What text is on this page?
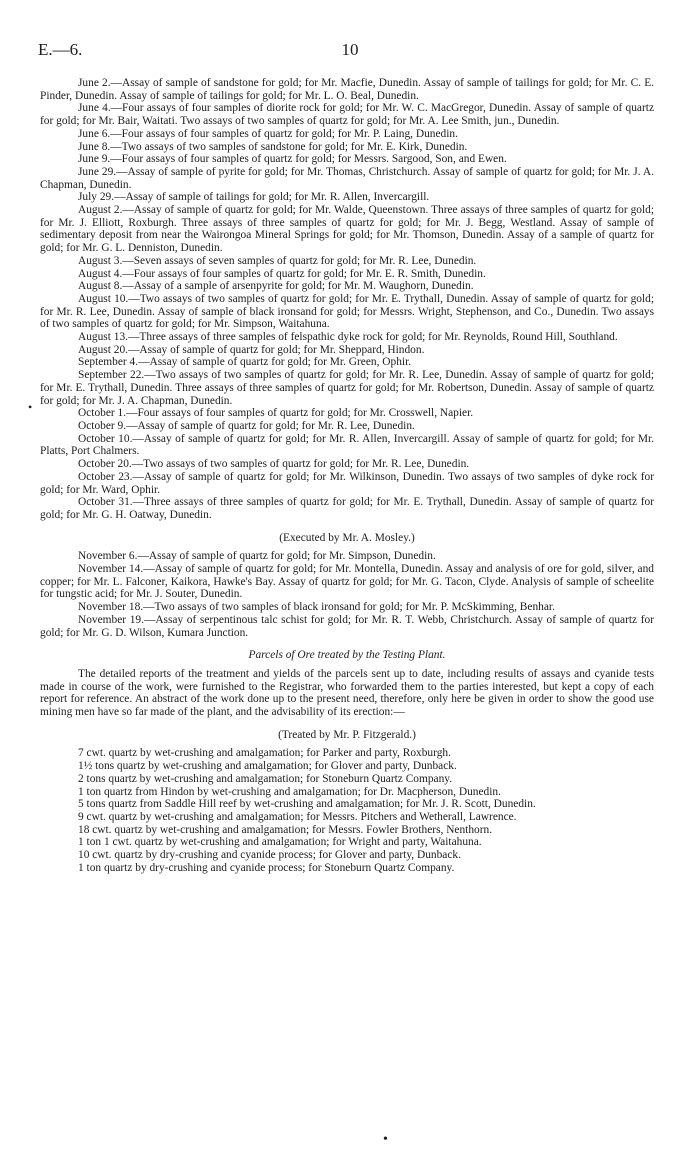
E.—6.	10
•

June 2.—Assay of sample of sandstone for gold; for Mr. Macfie, Dunedin. Assay of sample of tailings for gold; for Mr. C. E. Pinder, Dunedin. Assay of sample of tailings for gold; for Mr. L. O. Beal, Dunedin.

June 4.—Four assays of four samples of diorite rock for gold; for Mr. W. C. MacGregor, Dunedin. Assay of sample of quartz for gold; for Mr. Bair, Waitati. Two assays of two samples of quartz for gold; for Mr. A. Lee Smith, jun., Dunedin.

June 6.—Four assays of four samples of quartz for gold; for Mr. P. Laing, Dunedin.

June 8.—Two assays of two samples of sandstone for gold; for Mr. E. Kirk, Dunedin.

June 9.—Four assays of four samples of quartz for gold; for Messrs. Sargood, Son, and Ewen.

June 29.—Assay of sample of pyrite for gold; for Mr. Thomas, Christchurch. Assay of sample of quartz for gold; for Mr. J. A. Chapman, Dunedin.

July 29.—Assay of sample of tailings for gold; for Mr. R. Allen, Invercargill.

August 2.—Assay of sample of quartz for gold; for Mr. Walde, Queenstown. Three assays of three samples of quartz for gold; for Mr. J. Elliott, Roxburgh. Three assays of three samples of quartz for gold; for Mr. J. Begg, Westland. Assay of sample of sedimentary deposit from near the Wairongoa Mineral Springs for gold; for Mr. Thomson, Dunedin. Assay of a sample of quartz for gold; for Mr. G. L. Denniston, Dunedin.

August 3.—Seven assays of seven samples of quartz for gold; for Mr. R. Lee, Dunedin.

August 4.—Four assays of four samples of quartz for gold; for Mr. E. R. Smith, Dunedin.

August 8.—Assay of a sample of arsenpyrite for gold; for Mr. M. Waughorn, Dunedin.

August 10.—Two assays of two samples of quartz for gold; for Mr. E. Trythall, Dunedin. Assay of sample of quartz for gold; for Mr. R. Lee, Dunedin. Assay of sample of black ironsand for gold; for Messrs. Wright, Stephenson, and Co., Dunedin. Two assays of two samples of quartz for gold; for Mr. Simpson, Waitahuna.

August 13.—Three assays of three samples of felspathic dyke rock for gold; for Mr. Reynolds, Round Hill, Southland.

August 20.—Assay of sample of quartz for gold; for Mr. Sheppard, Hindon.

September 4.—Assay of sample of quartz for gold; for Mr. Green, Ophir.

September 22.—Two assays of two samples of quartz for gold; for Mr. R. Lee, Dunedin. Assay of sample of quartz for gold; for Mr. E. Trythall, Dunedin. Three assays of three samples of quartz for gold; for Mr. Robertson, Dunedin. Assay of sample of quartz for gold; for Mr. J. A. Chapman, Dunedin.

October 1.—Four assays of four samples of quartz for gold; for Mr. Crosswell, Napier.

October 9.—Assay of sample of quartz for gold; for Mr. R. Lee, Dunedin.

October 10.—Assay of sample of quartz for gold; for Mr. R. Allen, Invercargill. Assay of sample of quartz for gold; for Mr. Platts, Port Chalmers.

October 20.—Two assays of two samples of quartz for gold; for Mr. R. Lee, Dunedin.

October 23.—Assay of sample of quartz for gold; for Mr. Wilkinson, Dunedin. Two assays of two samples of dyke rock for gold; for Mr. Ward, Ophir.

October 31.—Three assays of three samples of quartz for gold; for Mr. E. Trythall, Dunedin. Assay of sample of quartz for gold; for Mr. G. H. Oatway, Dunedin.

(Executed by Mr. A. Mosley.)

November 6.—Assay of sample of quartz for gold; for Mr. Simpson, Dunedin.

November 14.—Assay of sample of quartz for gold; for Mr. Montella, Dunedin. Assay and analysis of ore for gold, silver, and copper; for Mr. L. Falconer, Kaikora, Hawke's Bay. Assay of quartz for gold; for Mr. G. Tacon, Clyde. Analysis of sample of scheelite for tungstic acid; for Mr. J. Souter, Dunedin.

November 18.—Two assays of two samples of black ironsand for gold; for Mr. P. McSkimming, Benhar.

November 19.—Assay of serpentinous talc schist for gold; for Mr. R. T. Webb, Christchurch. Assay of sample of quartz for gold; for Mr. G. D. Wilson, Kumara Junction.

Parcels of Ore treated by the Testing Plant.

The detailed reports of the treatment and yields of the parcels sent up to date, including results of assays and cyanide tests made in course of the work, were furnished to the Registrar, who forwarded them to the parties interested, but kept a copy of each report for reference. An abstract of the work done up to the present need, therefore, only here be given in order to show the good use mining men have so far made of the plant, and the advisability of its erection:—

(Treated by Mr. P. Fitzgerald.)

7 cwt. quartz by wet-crushing and amalgamation; for Parker and party, Roxburgh.

1½ tons quartz by wet-crushing and amalgamation; for Glover and party, Dunback.

2 tons quartz by wet-crushing and amalgamation; for Stoneburn Quartz Company.

1 ton quartz from Hindon by wet-crushing and amalgamation; for Dr. Macpherson, Dunedin.

5 tons quartz from Saddle Hill reef by wet-crushing and amalgamation; for Mr. J. R. Scott, Dunedin.

9 cwt. quartz by wet-crushing and amalgamation; for Messrs. Pitchers and Wetherall, Lawrence.

18 cwt. quartz by wet-crushing and amalgamation; for Messrs. Fowler Brothers, Nenthorn.

1 ton 1 cwt. quartz by wet-crushing and amalgamation; for Wright and party, Waitahuna.

10 cwt. quartz by dry-crushing and cyanide process; for Glover and party, Dunback.

1 ton quartz by dry-crushing and cyanide process; for Stoneburn Quartz Company.

•
